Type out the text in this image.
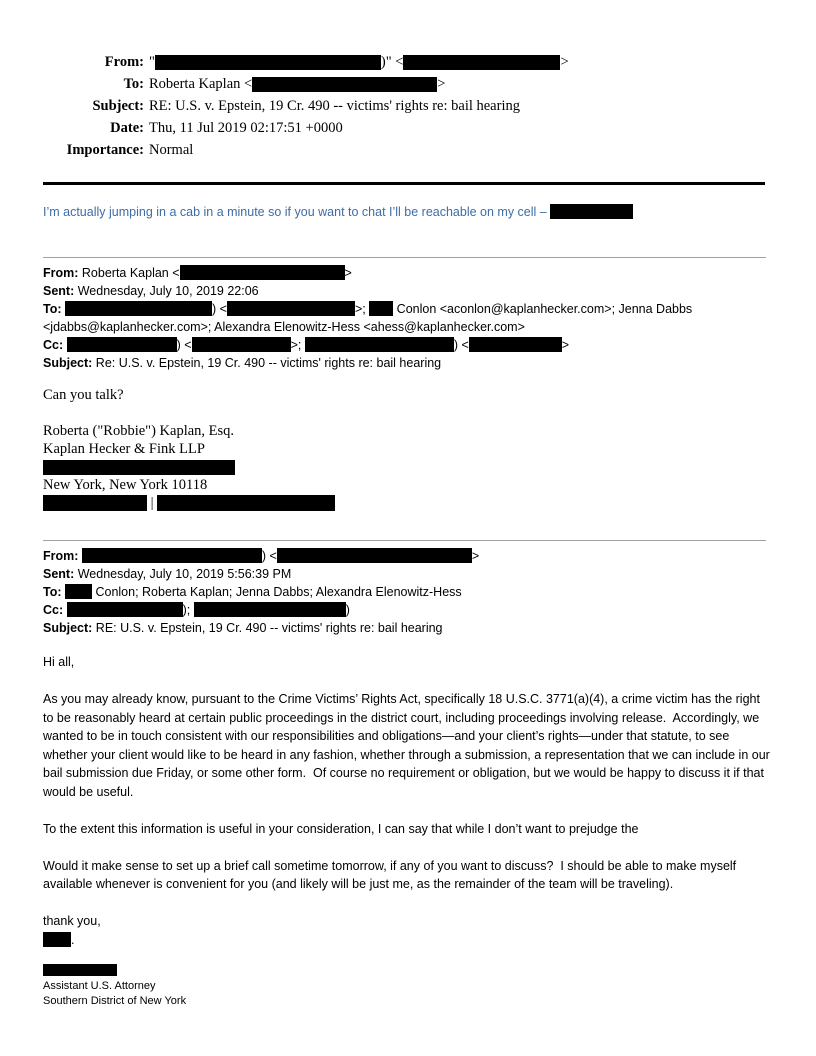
From: "	)" <	>
To: Roberta Kaplan <	>
Subject: RE: U.S. v. Epstein, 19 Cr. 490 -- victims' rights re: bail hearing
Date: Thu, 11 Jul 2019 02:17:51 +0000
Importance: Normal
I’m actually jumping in a cab in a minute so if you want to chat I’ll be reachable on my cell –
From: Roberta Kaplan <	>
Sent: Wednesday, July 10, 2019 22:06
To:	) <	>;  Conlon <aconlon@kaplanhecker.com>; Jenna Dabbs <jdabbs@kaplanhecker.com>; Alexandra Elenowitz-Hess <ahess@kaplanhecker.com>
Cc:	) <	>;	) <	>
Subject: Re: U.S. v. Epstein, 19 Cr. 490 -- victims' rights re: bail hearing
Can you talk?
Roberta ("Robbie") Kaplan, Esq.
Kaplan Hecker & Fink LLP
New York, New York 10118
|
From:	) <	>
Sent: Wednesday, July 10, 2019 5:56:39 PM
To:  Conlon; Roberta Kaplan; Jenna Dabbs; Alexandra Elenowitz-Hess
Cc:	);	)
Subject: RE: U.S. v. Epstein, 19 Cr. 490 -- victims' rights re: bail hearing
Hi all,
As you may already know, pursuant to the Crime Victims’ Rights Act, specifically 18 U.S.C. 3771(a)(4), a crime victim has the right to be reasonably heard at certain public proceedings in the district court, including proceedings involving release.  Accordingly, we wanted to be in touch consistent with our responsibilities and obligations—and your client’s rights—under that statute, to see whether your client would like to be heard in any fashion, whether through a submission, a representation that we can include in our bail submission due Friday, or some other form.  Of course no requirement or obligation, but we would be happy to discuss it if that would be useful.
To the extent this information is useful in your consideration, I can say that while I don’t want to prejudge the
Would it make sense to set up a brief call sometime tomorrow, if any of you want to discuss?  I should be able to make myself available whenever is convenient for you (and likely will be just me, as the remainder of the team will be traveling).
thank you,
.
Assistant U.S. Attorney
Southern District of New York
